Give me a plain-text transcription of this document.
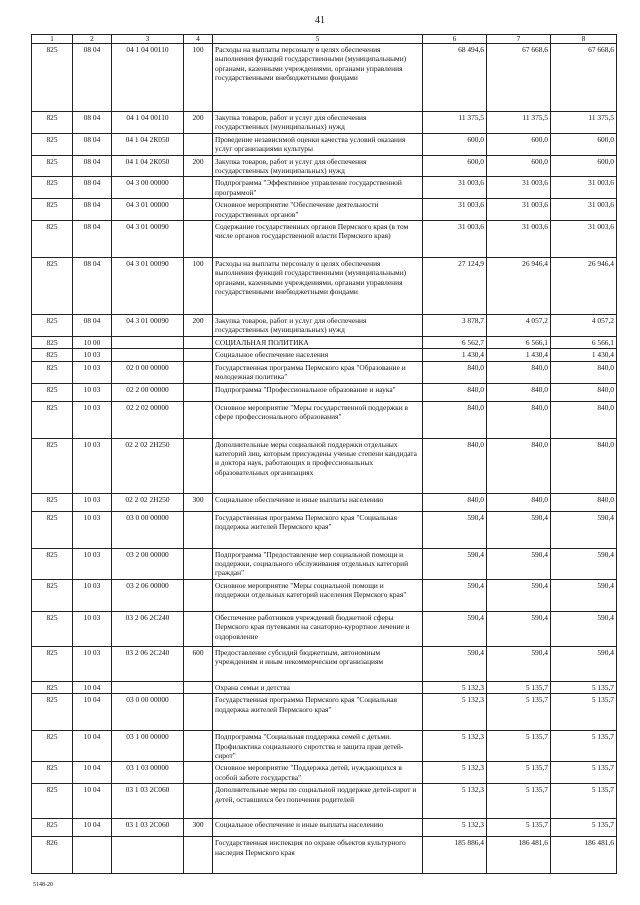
41
1	2	3	4	5	6	7	8
825	08 04	04 1 04 00110	100	Расходы на выплаты персоналу в целях обеспечения выполнения функций государственными (муниципальными) органами, казенными учреждениями, органами управления государственными внебюджетными фондами	68 494,6	67 668,6	67 668,6
825	08 04	04 1 04 00110	200	Закупка товаров, работ и услуг для обеспечения государственных (муниципальных) нужд	11 375,5	11 375,5	11 375,5
825	08 04	04 1 04 2К050		Проведение независимой оценки качества условий оказания услуг организациями культуры	600,0	600,0	600,0
825	08 04	04 1 04 2К050	200	Закупка товаров, работ и услуг для обеспечения государственных (муниципальных) нужд	600,0	600,0	600,0
825	08 04	04 3 00 00000		Подпрограмма "Эффективное управление государственной программой"	31 003,6	31 003,6	31 003,6
825	08 04	04 3 01 00000		Основное мероприятие "Обеспечение деятельности государственных органов"	31 003,6	31 003,6	31 003,6
825	08 04	04 3 01 00090		Содержание государственных органов Пермского края (в том числе органов государственной власти Пермского края)	31 003,6	31 003,6	31 003,6
825	08 04	04 3 01 00090	100	Расходы на выплаты персоналу в целях обеспечения выполнения функций государственными (муниципальными) органами, казенными учреждениями, органами управления государственными внебюджетными фондами	27 124,9	26 946,4	26 946,4
825	08 04	04 3 01 00090	200	Закупка товаров, работ и услуг для обеспечения государственных (муниципальных) нужд	3 878,7	4 057,2	4 057,2
825	10 00			СОЦИАЛЬНАЯ ПОЛИТИКА	6 562,7	6 566,1	6 566,1
825	10 03			Социальное обеспечение населения	1 430,4	1 430,4	1 430,4
825	10 03	02 0 00 00000		Государственная программа Пермского края "Образование и молодежная политика"	840,0	840,0	840,0
825	10 03	02 2 00 00000		Подпрограмма "Профессиональное образование и наука"	840,0	840,0	840,0
825	10 03	02 2 02 00000		Основное мероприятие "Меры государственной поддержки в сфере профессионального образования"	840,0	840,0	840,0
825	10 03	02 2 02 2Н250		Дополнительные меры социальной поддержки отдельных категорий лиц, которым присуждены ученые степени кандидата и доктора наук, работающих в профессиональных образовательных организациях	840,0	840,0	840,0
825	10 03	02 2 02 2Н250	300	Социальное обеспечение и иные выплаты населению	840,0	840,0	840,0
825	10 03	03 0 00 00000		Государственная программа Пермского края "Социальная поддержка жителей Пермского края"	590,4	590,4	590,4
825	10 03	03 2 00 00000		Подпрограмма "Предоставление мер социальной помощи и поддержки, социального обслуживания отдельных категорий граждан"	590,4	590,4	590,4
825	10 03	03 2 06 00000		Основное мероприятие "Меры социальной помощи и поддержки отдельных категорий населения Пермского края"	590,4	590,4	590,4
825	10 03	03 2 06 2С240		Обеспечение работников учреждений бюджетной сферы Пермского края путевками на санаторно-курортное лечение и оздоровление	590,4	590,4	590,4
825	10 03	03 2 06 2С240	600	Предоставление субсидий бюджетным, автономным учреждениям и иным некоммерческим организациям	590,4	590,4	590,4
825	10 04			Охрана семьи и детства	5 132,3	5 135,7	5 135,7
825	10 04	03 0 00 00000		Государственная программа Пермского края "Социальная поддержка жителей Пермского края"	5 132,3	5 135,7	5 135,7
825	10 04	03 1 00 00000		Подпрограмма "Социальная поддержка семей с детьми. Профилактика социального сиротства и защита прав детей-сирот"	5 132,3	5 135,7	5 135,7
825	10 04	03 1 03 00000		Основное мероприятие "Поддержка детей, нуждающихся в особой заботе государства"	5 132,3	5 135,7	5 135,7
825	10 04	03 1 03 2С060		Дополнительные меры по социальной поддержке детей-сирот и детей, оставшихся без попечения родителей	5 132,3	5 135,7	5 135,7
825	10 04	03 1 03 2С060	300	Социальное обеспечение и иные выплаты населению	5 132,3	5 135,7	5 135,7
826				Государственная инспекция по охране объектов культурного наследия Пермского края	185 886,4	186 481,6	186 481,6
5148-20
